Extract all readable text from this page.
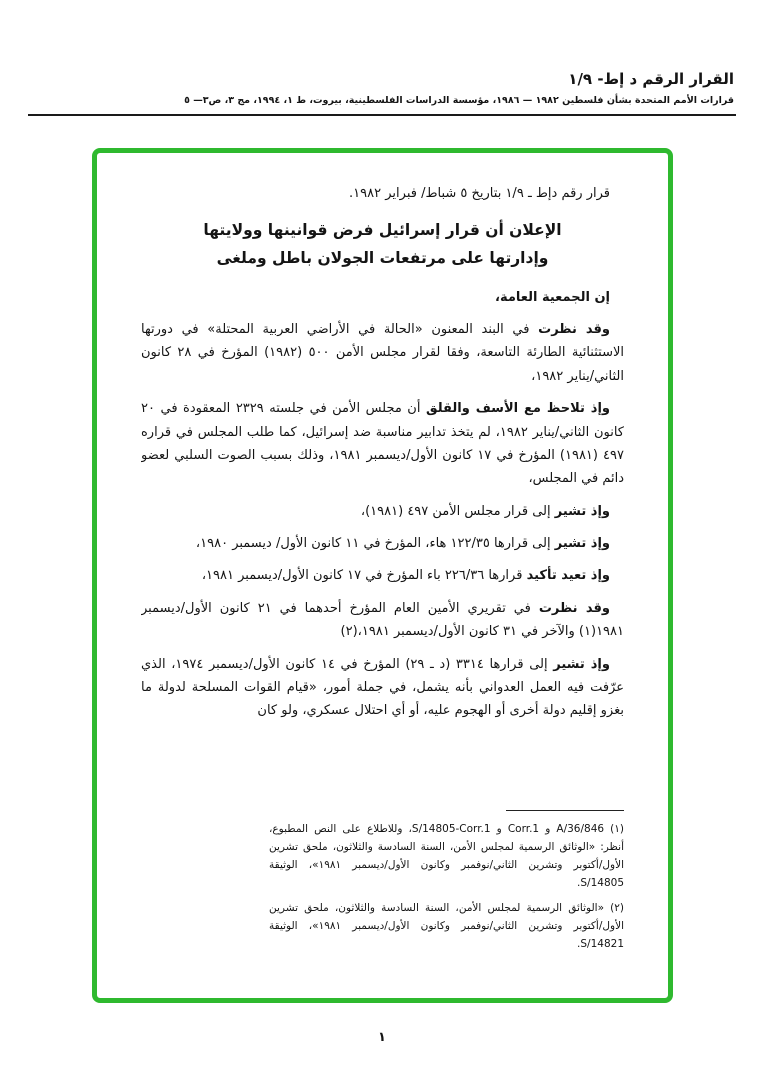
القرار الرقم د إط- ١/٩
قرارات الأمم المتحدة بشأن فلسطين ١٩٨٢ — ١٩٨٦، مؤسسة الدراسات الفلسطينية، بيروت، ط ١، ١٩٩٤، مج ٣، ص٣— ٥

قرار رقم دإط ـ ١/٩ بتاريخ ٥ شباط/ فبراير ١٩٨٢.

الإعلان أن قرار إسرائيل فرض قوانينها وولايتها وإدارتها على مرتفعات الجولان باطل وملغى

إن الجمعية العامة،

وقد نظرت في البند المعنون «الحالة في الأراضي العربية المحتلة» في دورتها الاستثنائية الطارئة التاسعة، وفقا لقرار مجلس الأمن ٥٠٠ (١٩٨٢) المؤرخ في ٢٨ كانون الثاني/يناير ١٩٨٢،

وإذ تلاحظ مع الأسف والقلق أن مجلس الأمن في جلسته ٢٣٢٩ المعقودة في ٢٠ كانون الثاني/يناير ١٩٨٢، لم يتخذ تدابير مناسبة ضد إسرائيل، كما طلب المجلس في قراره ٤٩٧ (١٩٨١) المؤرخ في ١٧ كانون الأول/ديسمبر ١٩٨١، وذلك بسبب الصوت السلبي لعضو دائم في المجلس،

وإذ تشير إلى قرار مجلس الأمن ٤٩٧ (١٩٨١)،

وإذ تشير إلى قرارها ١٢٢/٣٥ هاء، المؤرخ في ١١ كانون الأول/ ديسمبر ١٩٨٠،

وإذ تعيد تأكيد قرارها ٢٢٦/٣٦ باء المؤرخ في ١٧ كانون الأول/ديسمبر ١٩٨١،

وقد نظرت في تقريري الأمين العام المؤرخ أحدهما في ٢١ كانون الأول/ديسمبر ١٩٨١(١) والآخر في ٣١ كانون الأول/ديسمبر ١٩٨١،(٢)

وإذ تشير إلى قرارها ٣٣١٤ (د ـ ٢٩) المؤرخ في ١٤ كانون الأول/ديسمبر ١٩٧٤، الذي عرّفت فيه العمل العدواني بأنه يشمل، في جملة أمور، «قيام القوات المسلحة لدولة ما بغزو إقليم دولة أخرى أو الهجوم عليه، أو أي احتلال عسكري، ولو كان

(١) A/36/846 و Corr.1 و S/14805-Corr.1، وللاطلاع على النص المطبوع، أنظر: «الوثائق الرسمية لمجلس الأمن، السنة السادسة والثلاثون، ملحق تشرين الأول/أكتوبر وتشرين الثاني/نوفمبر وكانون الأول/ديسمبر ١٩٨١»، الوثيقة S/14805.

(٢) «الوثائق الرسمية لمجلس الأمن، السنة السادسة والثلاثون، ملحق تشرين الأول/أكتوبر وتشرين الثاني/نوفمبر وكانون الأول/ديسمبر ١٩٨١»، الوثيقة S/14821.

١
